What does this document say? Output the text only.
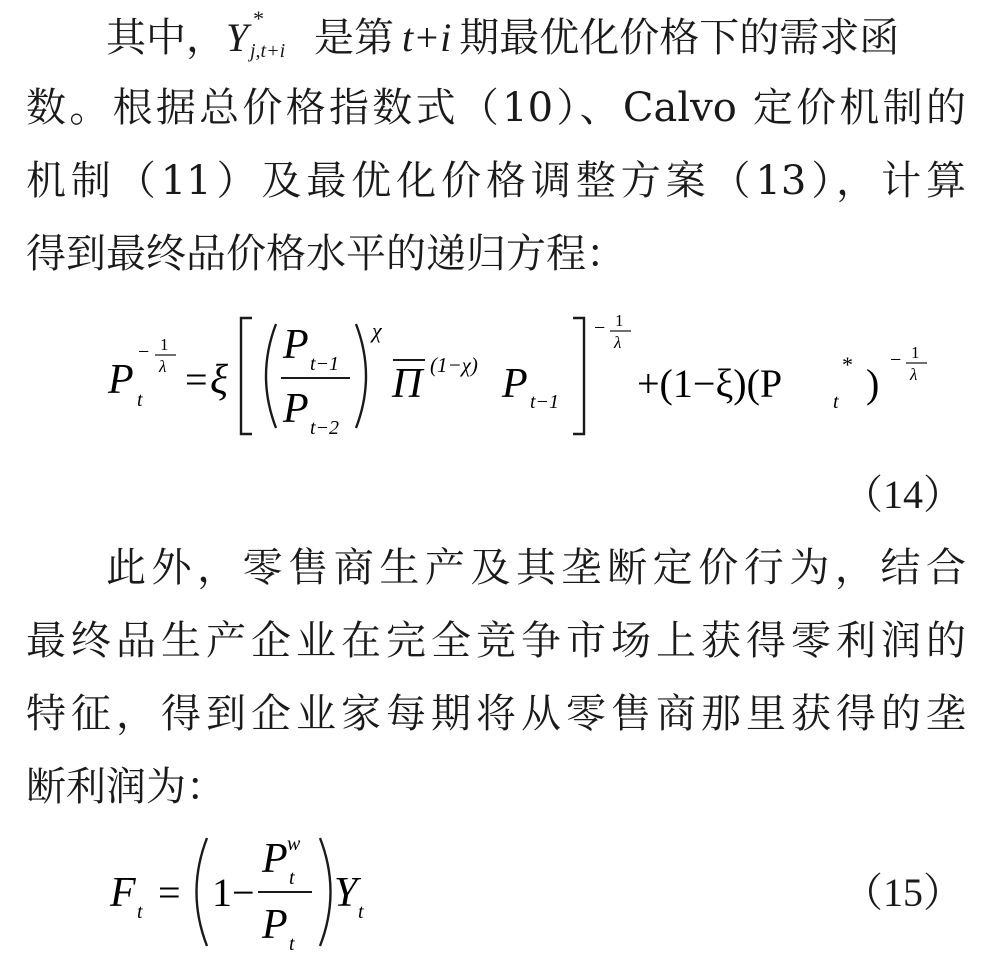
其中，Y *
j,t+i 是第 t+i 期最优化价格下的需求函
数。根据总价格指数式（10）、Calvo 定价机制的
机制（11）及最优化价格调整方案（13），计算
得到最终品价格水平的递归方程：
P t
− 1
λ = ξ
P t−1
P t−2
χ
Π (1−χ) P t−1
− 1
λ
+(1−ξ)(P	*
t )
− 1
λ
（14）
此外，零售商生产及其垄断定价行为，结合
最终品生产企业在完全竞争市场上获得零利润的
特征，得到企业家每期将从零售商那里获得的垄
断利润为：
F t = 1−
P w
t
P t
Y t	（15）
